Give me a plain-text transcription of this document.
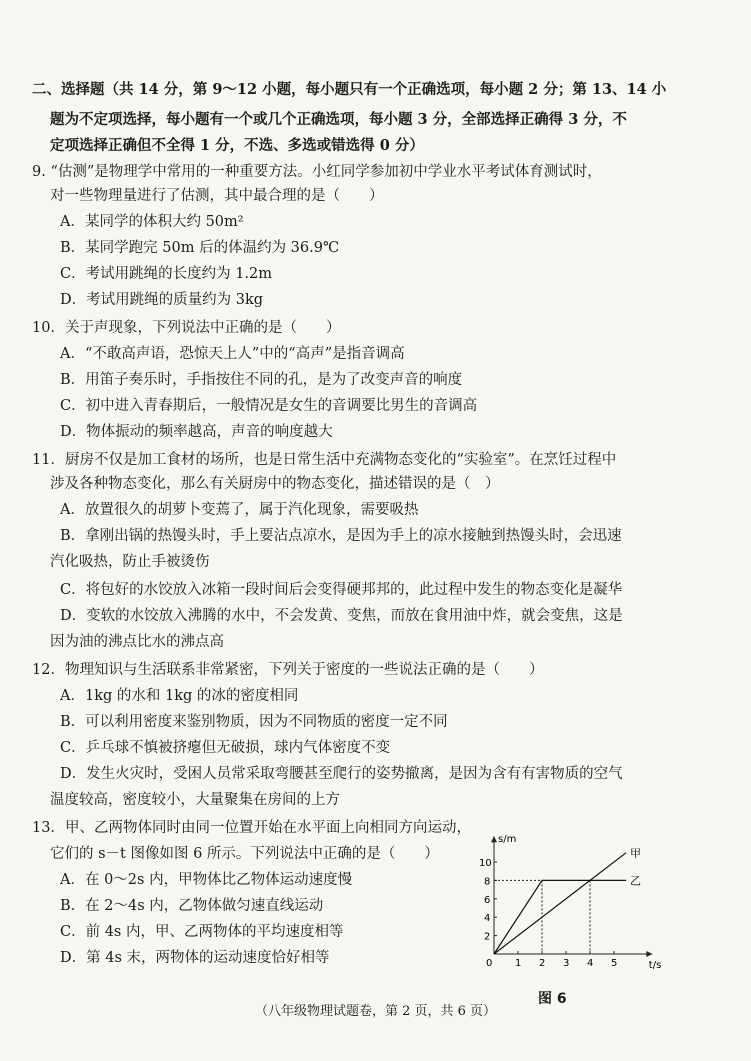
二、选择题（共 14 分，第 9～12 小题，每小题只有一个正确选项，每小题 2 分；第 13、14 小
题为不定项选择，每小题有一个或几个正确选项，每小题 3 分，全部选择正确得 3 分，不
定项选择正确但不全得 1 分，不选、多选或错选得 0 分）
9. “估测”是物理学中常用的一种重要方法。小红同学参加初中学业水平考试体育测试时，
对一些物理量进行了估测，其中最合理的是（　　）
A．某同学的体积大约 50m²
B．某同学跑完 50m 后的体温约为 36.9℃
C．考试用跳绳的长度约为 1.2m
D．考试用跳绳的质量约为 3kg
10．关于声现象，下列说法中正确的是（　　）
A．“不敢高声语，恐惊天上人”中的“高声”是指音调高
B．用笛子奏乐时，手指按住不同的孔，是为了改变声音的响度
C．初中进入青春期后，一般情况是女生的音调要比男生的音调高
D．物体振动的频率越高，声音的响度越大
11．厨房不仅是加工食材的场所，也是日常生活中充满物态变化的“实验室”。在烹饪过程中
涉及各种物态变化，那么有关厨房中的物态变化，描述错误的是（　）
A．放置很久的胡萝卜变蔫了，属于汽化现象，需要吸热
B．拿刚出锅的热馒头时，手上要沾点凉水，是因为手上的凉水接触到热馒头时，会迅速
汽化吸热，防止手被烫伤
C．将包好的水饺放入冰箱一段时间后会变得硬邦邦的，此过程中发生的物态变化是凝华
D．变软的水饺放入沸腾的水中，不会发黄、变焦，而放在食用油中炸，就会变焦，这是
因为油的沸点比水的沸点高
12．物理知识与生活联系非常紧密，下列关于密度的一些说法正确的是（　　）
A．1kg 的水和 1kg 的冰的密度相同
B．可以利用密度来鉴别物质，因为不同物质的密度一定不同
C．乒乓球不慎被挤瘪但无破损，球内气体密度不变
D．发生火灾时，受困人员常采取弯腰甚至爬行的姿势撤离，是因为含有有害物质的空气
温度较高，密度较小，大量聚集在房间的上方
13．甲、乙两物体同时由同一位置开始在水平面上向相同方向运动，
它们的 s－t 图像如图 6 所示。下列说法中正确的是（　　）
A．在 0～2s 内，甲物体比乙物体运动速度慢
B．在 2～4s 内，乙物体做匀速直线运动
C．前 4s 内，甲、乙两物体的平均速度相等
D．第 4s 末，两物体的运动速度恰好相等
s/m
t/s
0 1 2 3 4 5
2
4
6
8
10
甲
乙
图 6
（八年级物理试题卷，第 2 页，共 6 页）
